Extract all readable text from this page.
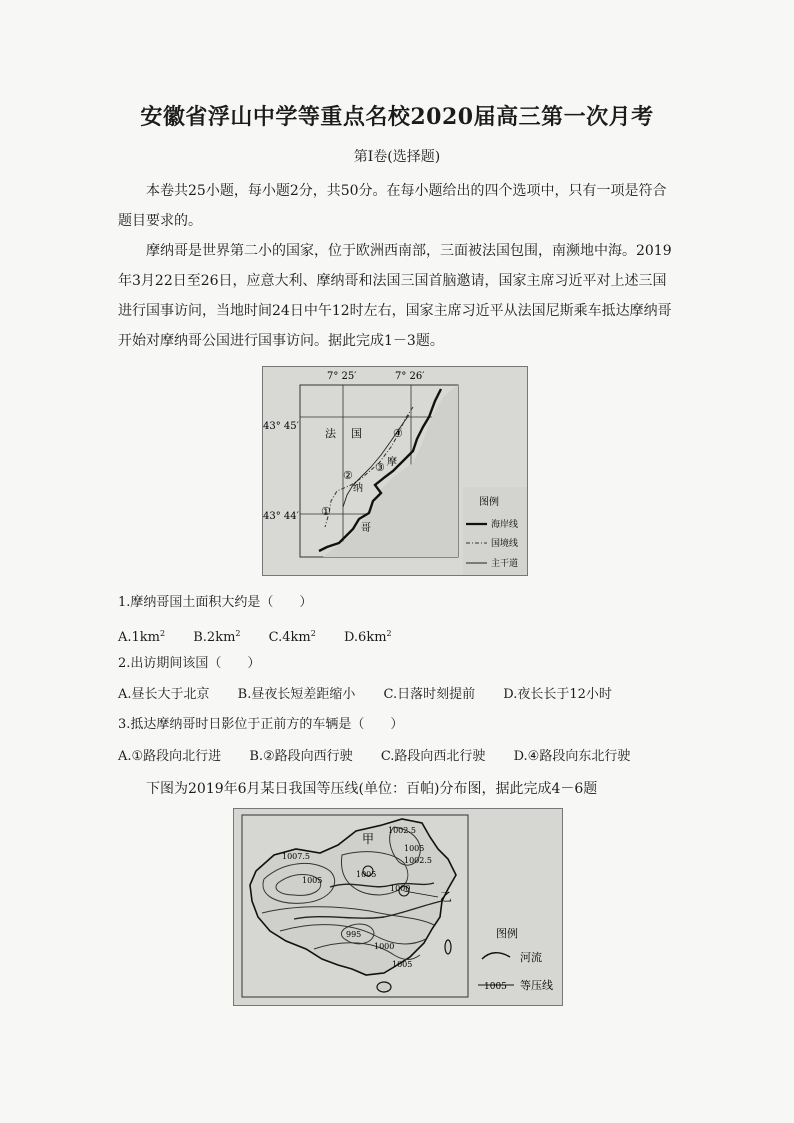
安徽省浮山中学等重点名校2020届高三第一次月考
第Ⅰ卷(选择题)
本卷共25小题，每小题2分，共50分。在每小题给出的四个选项中，只有一项是符合题目要求的。
摩纳哥是世界第二小的国家，位于欧洲西南部，三面被法国包围，南濒地中海。2019年3月22日至26日，应意大利、摩纳哥和法国三国首脑邀请，国家主席习近平对上述三国进行国事访问，当地时间24日中午12时左右，国家主席习近平从法国尼斯乘车抵达摩纳哥开始对摩纳哥公国进行国事访问。据此完成1－3题。
图例
海岸线
国境线
主干道
7° 25′	7° 26′
43° 45′
43° 44′
法 国
摩
纳
哥
①
②
③
④
1.摩纳哥国土面积大约是（　　）
$A.1km^2$ $B.2km^2$ $C.4km^2$ $D.6km^2$
2.出访期间该国（　　）
A.昼长大于北京 B.昼夜长短差距缩小 C.日落时刻提前 D.夜长长于12小时
3.抵达摩纳哥时日影位于正前方的车辆是（　　）
A.①路段向北行进 B.②路段向西行驶 C.路段向西北行驶 D.④路段向东北行驶
下图为2019年6月某日我国等压线(单位：百帕)分布图，据此完成4－6题
甲
乙
1002.5
1005
1002.5
1005
1007.5
1005
1000
995
1000
1005
图例
河流
1005 等压线
